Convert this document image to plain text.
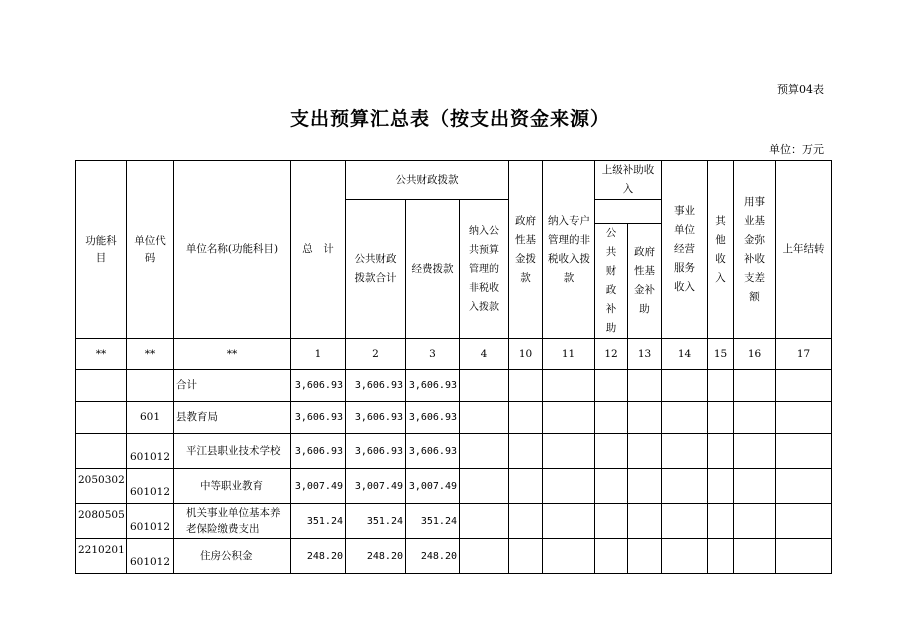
预算04表
支出预算汇总表（按支出资金来源）
单位：万元
功能科目	单位代码	单位名称(功能科目)	总　计	公共财政拨款			政府性基金拨款	纳入专户管理的非税收入拨款	上级补助收入		事业单位经营服务收入	其他收入	用事业基金弥补收支差额	上年结转

				公共财政拨款合计	经费拨款	纳入公共预算管理的非税收入拨款								

									公共财政补助	政府性基金补助				

**	**	**	1	2	3	4	10	11	12	13	14	15	16	17
		合计	3,606.93	3,606.93	3,606.93									
	601	县教育局	3,606.93	3,606.93	3,606.93									
	601012	平江县职业技术学校	3,606.93	3,606.93	3,606.93									
2050302	601012	中等职业教育	3,007.49	3,007.49	3,007.49									
2080505	601012	机关事业单位基本养老保险缴费支出	351.24	351.24	351.24									
2210201	601012	住房公积金	248.20	248.20	248.20									
